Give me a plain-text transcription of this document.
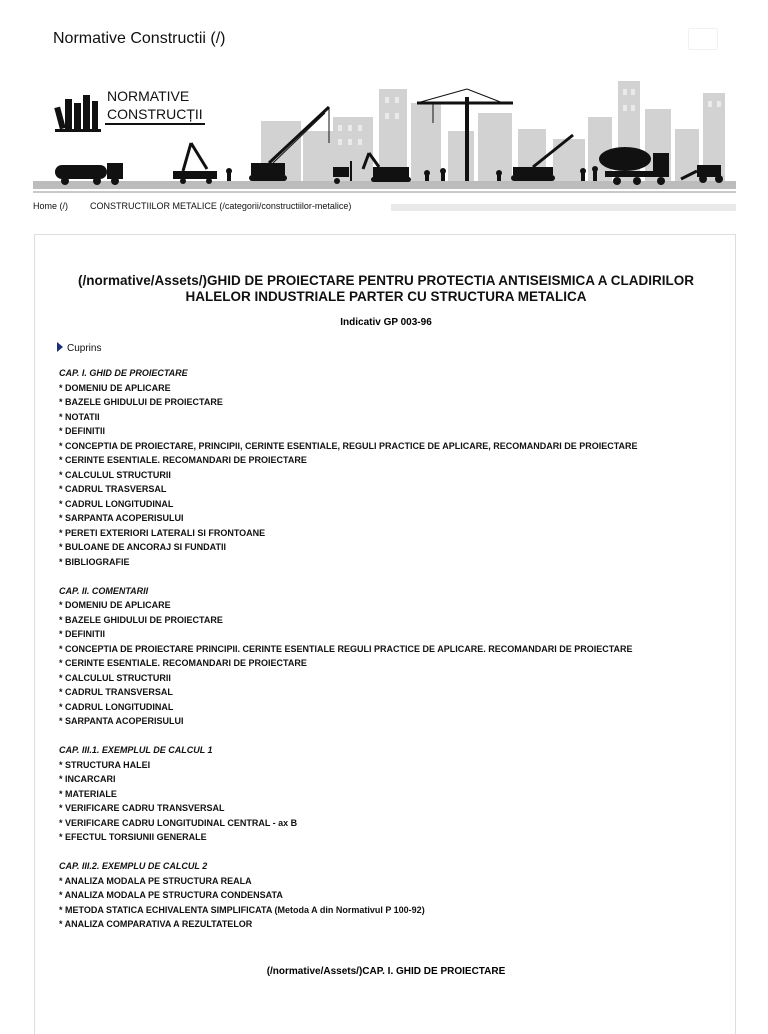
Normative Constructii (/)
NORMATIVE
CONSTRUCȚII
Home (/) CONSTRUCTIILOR METALICE (/categorii/constructiilor-metalice)
(/normative/Assets/)GHID DE PROIECTARE PENTRU PROTECTIA ANTISEISMICA A CLADIRILOR
HALELOR INDUSTRIALE PARTER CU STRUCTURA METALICA
Indicativ GP 003-96
Cuprins
CAP. I. GHID DE PROIECTARE
* DOMENIU DE APLICARE
* BAZELE GHIDULUI DE PROIECTARE
* NOTATII
* DEFINITII
* CONCEPTIA DE PROIECTARE, PRINCIPII, CERINTE ESENTIALE, REGULI PRACTICE DE APLICARE, RECOMANDARI DE PROIECTARE
* CERINTE ESENTIALE. RECOMANDARI DE PROIECTARE
* CALCULUL STRUCTURII
* CADRUL TRASVERSAL
* CADRUL LONGITUDINAL
* SARPANTA ACOPERISULUI
* PERETI EXTERIORI LATERALI SI FRONTOANE
* BULOANE DE ANCORAJ SI FUNDATII
* BIBLIOGRAFIE
CAP. II. COMENTARII
* DOMENIU DE APLICARE
* BAZELE GHIDULUI DE PROIECTARE
* DEFINITII
* CONCEPTIA DE PROIECTARE PRINCIPII. CERINTE ESENTIALE REGULI PRACTICE DE APLICARE. RECOMANDARI DE PROIECTARE
* CERINTE ESENTIALE. RECOMANDARI DE PROIECTARE
* CALCULUL STRUCTURII
* CADRUL TRANSVERSAL
* CADRUL LONGITUDINAL
* SARPANTA ACOPERISULUI
CAP. III.1. EXEMPLUL DE CALCUL 1
* STRUCTURA HALEI
* INCARCARI
* MATERIALE
* VERIFICARE CADRU TRANSVERSAL
* VERIFICARE CADRU LONGITUDINAL CENTRAL - ax B
* EFECTUL TORSIUNII GENERALE
CAP. III.2. EXEMPLU DE CALCUL 2
* ANALIZA MODALA PE STRUCTURA REALA
* ANALIZA MODALA PE STRUCTURA CONDENSATA
* METODA STATICA ECHIVALENTA SIMPLIFICATA (Metoda A din Normativul P 100-92)
* ANALIZA COMPARATIVA A REZULTATELOR
(/normative/Assets/)CAP. I. GHID DE PROIECTARE
